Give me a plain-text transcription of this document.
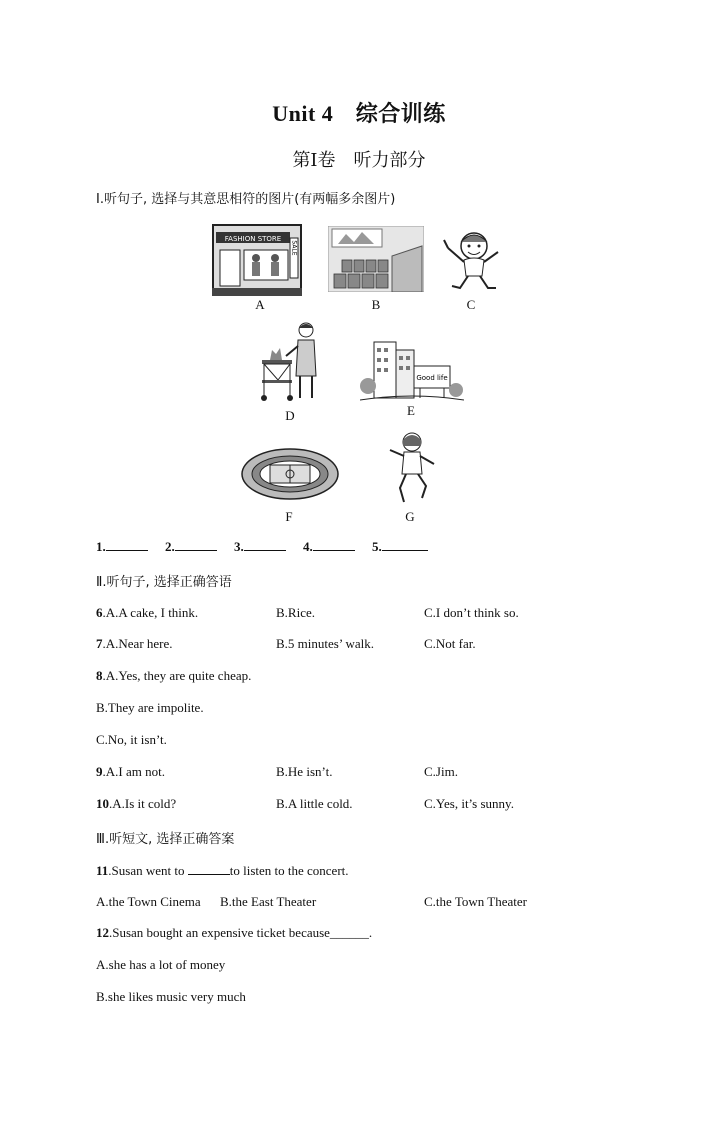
Unit 4　综合训练
第Ⅰ卷　听力部分
Ⅰ.听句子, 选择与其意思相符的图片(有两幅多余图片)
FASHION STORE
SALE
A	B	C
D
Good life
E
F	G
1.	2.	3.	4.	5.
Ⅱ.听句子, 选择正确答语
6.A.A cake, I think.	B.Rice.	C.I don’t think so.
7.A.Near here.	B.5 minutes’ walk.	C.Not far.
8.A.Yes, they are quite cheap.
B.They are impolite.
C.No, it isn’t.
9.A.I am not.	B.He isn’t.	C.Jim.
10.A.Is it cold?	B.A little cold.	C.Yes, it’s sunny.
Ⅲ.听短文, 选择正确答案
11.Susan went to	to listen to the concert.
A.the Town Cinema B.the East Theater	C.the Town Theater
12.Susan bought an expensive ticket because______.
A.she has a lot of money
B.she likes music very much
